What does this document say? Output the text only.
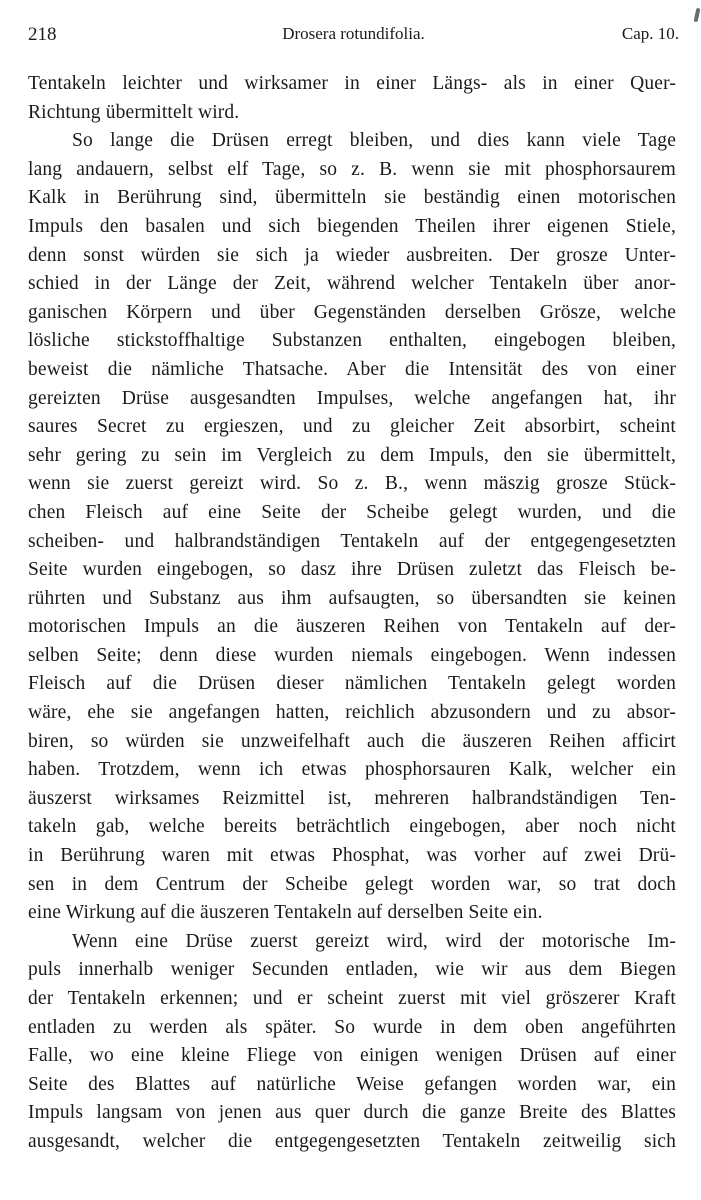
218	Drosera rotundifolia.	Cap. 10.
Tentakeln leichter und wirksamer in einer Längs- als in einer Quer-
Richtung übermittelt wird.
So lange die Drüsen erregt bleiben, und dies kann viele Tage
lang andauern, selbst elf Tage, so z. B. wenn sie mit phosphorsaurem
Kalk in Berührung sind, übermitteln sie beständig einen motorischen
Impuls den basalen und sich biegenden Theilen ihrer eigenen Stiele,
denn sonst würden sie sich ja wieder ausbreiten. Der grosze Unter-
schied in der Länge der Zeit, während welcher Tentakeln über anor-
ganischen Körpern und über Gegenständen derselben Grösze, welche
lösliche stickstoffhaltige Substanzen enthalten, eingebogen bleiben,
beweist die nämliche Thatsache. Aber die Intensität des von einer
gereizten Drüse ausgesandten Impulses, welche angefangen hat, ihr
saures Secret zu ergieszen, und zu gleicher Zeit absorbirt, scheint
sehr gering zu sein im Vergleich zu dem Impuls, den sie übermittelt,
wenn sie zuerst gereizt wird. So z. B., wenn mäszig grosze Stück-
chen Fleisch auf eine Seite der Scheibe gelegt wurden, und die
scheiben- und halbrandständigen Tentakeln auf der entgegengesetzten
Seite wurden eingebogen, so dasz ihre Drüsen zuletzt das Fleisch be-
rührten und Substanz aus ihm aufsaugten, so übersandten sie keinen
motorischen Impuls an die äuszeren Reihen von Tentakeln auf der-
selben Seite; denn diese wurden niemals eingebogen. Wenn indessen
Fleisch auf die Drüsen dieser nämlichen Tentakeln gelegt worden
wäre, ehe sie angefangen hatten, reichlich abzusondern und zu absor-
biren, so würden sie unzweifelhaft auch die äuszeren Reihen afficirt
haben. Trotzdem, wenn ich etwas phosphorsauren Kalk, welcher ein
äuszerst wirksames Reizmittel ist, mehreren halbrandständigen Ten-
takeln gab, welche bereits beträchtlich eingebogen, aber noch nicht
in Berührung waren mit etwas Phosphat, was vorher auf zwei Drü-
sen in dem Centrum der Scheibe gelegt worden war, so trat doch
eine Wirkung auf die äuszeren Tentakeln auf derselben Seite ein.
Wenn eine Drüse zuerst gereizt wird, wird der motorische Im-
puls innerhalb weniger Secunden entladen, wie wir aus dem Biegen
der Tentakeln erkennen; und er scheint zuerst mit viel gröszerer Kraft
entladen zu werden als später. So wurde in dem oben angeführten
Falle, wo eine kleine Fliege von einigen wenigen Drüsen auf einer
Seite des Blattes auf natürliche Weise gefangen worden war, ein
Impuls langsam von jenen aus quer durch die ganze Breite des Blattes
ausgesandt, welcher die entgegengesetzten Tentakeln zeitweilig sich
